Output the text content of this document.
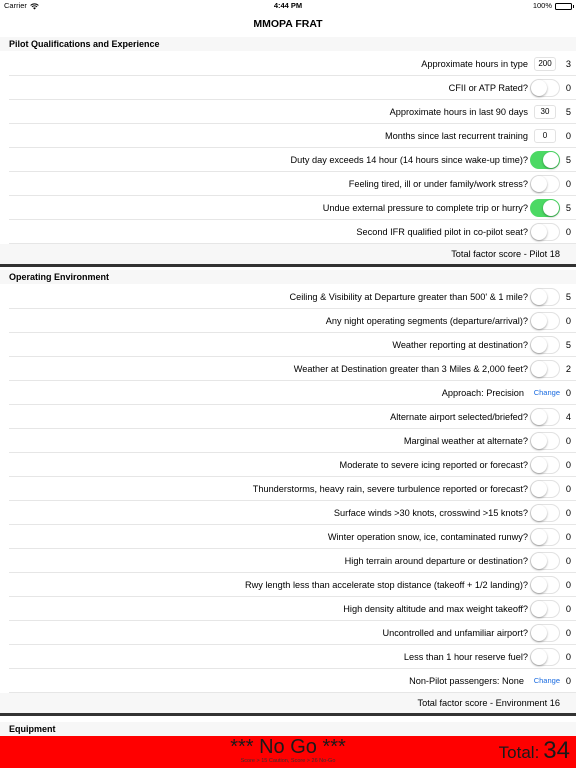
Carrier	4:44 PM	100%
MMOPA FRAT
Pilot Qualifications and Experience
Approximate hours in type	200	3
CFII or ATP Rated?	0
Approximate hours in last 90 days	30	5
Months since last recurrent training	0	0
Duty day exceeds 14 hour (14 hours since wake-up time)?	5
Feeling tired, ill or under family/work stress?	0
Undue external pressure to complete trip or hurry?	5
Second IFR qualified pilot in co-pilot seat?	0
Total factor score - Pilot 18
Operating Environment
Ceiling & Visibility at Departure greater than 500' & 1 mile?	5
Any night operating segments (departure/arrival)?	0
Weather reporting at destination?	5
Weather at Destination greater than 3 Miles & 2,000 feet?	2
Approach: Precision Change 0
Alternate airport selected/briefed?	4
Marginal weather at alternate?	0
Moderate to severe icing reported or forecast?	0
Thunderstorms, heavy rain, severe turbulence reported or forecast?	0
Surface winds >30 knots, crosswind >15 knots?	0
Winter operation snow, ice, contaminated runwy?	0
High terrain around departure or destination?	0
Rwy length less than accelerate stop distance (takeoff + 1/2 landing)?	0
High density altitude and max weight takeoff?	0
Uncontrolled and unfamiliar airport?	0
Less than 1 hour reserve fuel?	0
Non-Pilot passengers: None Change 0
Total factor score - Environment 16
Equipment
*** No Go ***
Score > 15 Caution, Score > 26 No-Go	Total: 34
